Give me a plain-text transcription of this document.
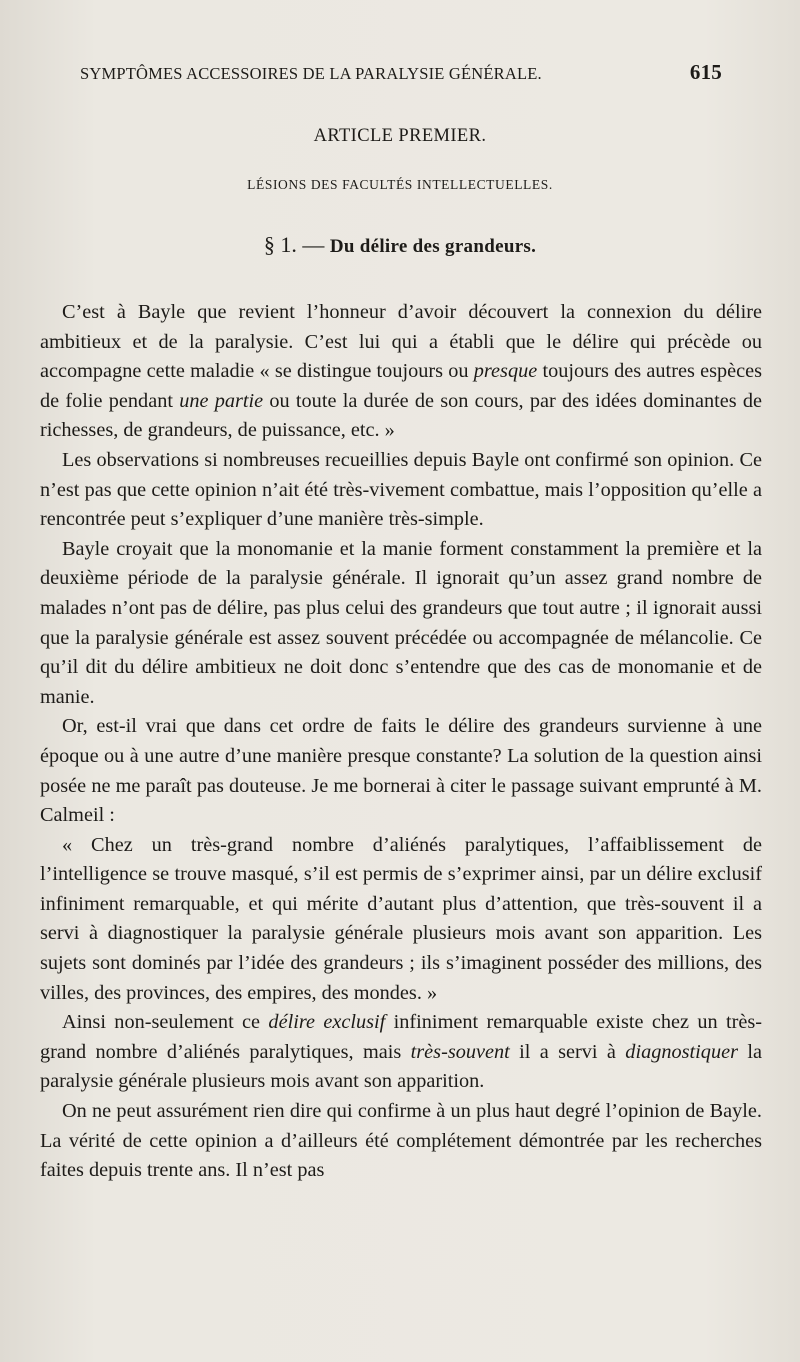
SYMPTÔMES ACCESSOIRES DE LA PARALYSIE GÉNÉRALE.	615
ARTICLE PREMIER.
LÉSIONS DES FACULTÉS INTELLECTUELLES.
§ 1. — Du délire des grandeurs.

C’est à Bayle que revient l’honneur d’avoir découvert la connexion du délire ambitieux et de la paralysie. C’est lui qui a établi que le délire qui précède ou accompagne cette maladie « se distingue toujours ou presque toujours des autres espèces de folie pendant une partie ou toute la durée de son cours, par des idées dominantes de richesses, de grandeurs, de puissance, etc. »

Les observations si nombreuses recueillies depuis Bayle ont confirmé son opinion. Ce n’est pas que cette opinion n’ait été très-vivement combattue, mais l’opposition qu’elle a rencontrée peut s’expliquer d’une manière très-simple.

Bayle croyait que la monomanie et la manie forment constamment la première et la deuxième période de la paralysie générale. Il ignorait qu’un assez grand nombre de malades n’ont pas de délire, pas plus celui des grandeurs que tout autre ; il ignorait aussi que la paralysie générale est assez souvent précédée ou accompagnée de mélancolie. Ce qu’il dit du délire ambitieux ne doit donc s’entendre que des cas de monomanie et de manie.

Or, est-il vrai que dans cet ordre de faits le délire des grandeurs survienne à une époque ou à une autre d’une manière presque constante? La solution de la question ainsi posée ne me paraît pas douteuse. Je me bornerai à citer le passage suivant emprunté à M. Calmeil :

« Chez un très-grand nombre d’aliénés paralytiques, l’affaiblissement de l’intelligence se trouve masqué, s’il est permis de s’exprimer ainsi, par un délire exclusif infiniment remarquable, et qui mérite d’autant plus d’attention, que très-souvent il a servi à diagnostiquer la paralysie générale plusieurs mois avant son apparition. Les sujets sont dominés par l’idée des grandeurs ; ils s’imaginent posséder des millions, des villes, des provinces, des empires, des mondes. »

Ainsi non-seulement ce délire exclusif infiniment remarquable existe chez un très-grand nombre d’aliénés paralytiques, mais très-souvent il a servi à diagnostiquer la paralysie générale plusieurs mois avant son apparition.

On ne peut assurément rien dire qui confirme à un plus haut degré l’opinion de Bayle. La vérité de cette opinion a d’ailleurs été complétement démontrée par les recherches faites depuis trente ans. Il n’est pas
